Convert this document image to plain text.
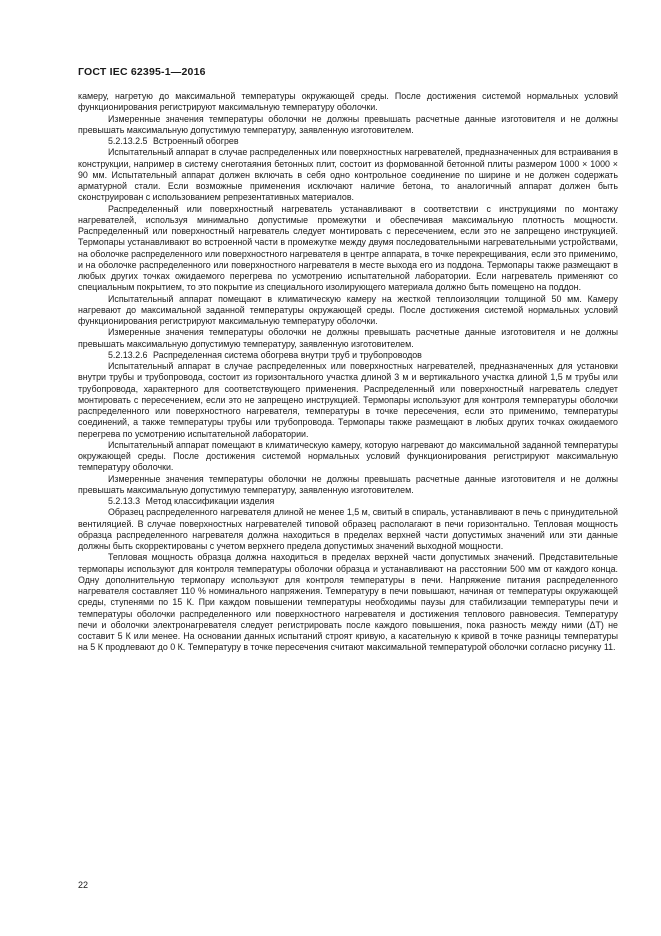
ГОСТ IEC 62395-1—2016
камеру, нагретую до максимальной температуры окружающей среды. После достижения системой нормальных условий функционирования регистрируют максимальную температуру оболочки.
Измеренные значения температуры оболочки не должны превышать расчетные данные изготовителя и не должны превышать максимальную допустимую температуру, заявленную изготовителем.
5.2.13.2.5 Встроенный обогрев
Испытательный аппарат в случае распределенных или поверхностных нагревателей, предназначенных для встраивания в конструкции, например в систему снеготаяния бетонных плит, состоит из формованной бетонной плиты размером 1000 × 1000 × 90 мм. Испытательный аппарат должен включать в себя одно контрольное соединение по ширине и не должен содержать арматурной стали. Если возможные применения исключают наличие бетона, то аналогичный аппарат должен быть сконструирован с использованием репрезентативных материалов.
Распределенный или поверхностный нагреватель устанавливают в соответствии с инструкциями по монтажу нагревателей, используя минимально допустимые промежутки и обеспечивая максимальную плотность мощности. Распределенный или поверхностный нагреватель следует монтировать с пересечением, если это не запрещено инструкцией. Термопары устанавливают во встроенной части в промежутке между двумя последовательными нагревательными устройствами, на оболочке распределенного или поверхностного нагревателя в центре аппарата, в точке перекрещивания, если это применимо, и на оболочке распределенного или поверхностного нагревателя в месте выхода его из поддона. Термопары также размещают в любых других точках ожидаемого перегрева по усмотрению испытательной лаборатории. Если нагреватель применяют со специальным покрытием, то это покрытие из специального изолирующего материала должно быть помещено на поддон.
Испытательный аппарат помещают в климатическую камеру на жесткой теплоизоляции толщиной 50 мм. Камеру нагревают до максимальной заданной температуры окружающей среды. После достижения системой нормальных условий функционирования регистрируют максимальную температуру оболочки.
Измеренные значения температуры оболочки не должны превышать расчетные данные изготовителя и не должны превышать максимальную допустимую температуру, заявленную изготовителем.
5.2.13.2.6 Распределенная система обогрева внутри труб и трубопроводов
Испытательный аппарат в случае распределенных или поверхностных нагревателей, предназначенных для установки внутри трубы и трубопровода, состоит из горизонтального участка длиной 3 м и вертикального участка длиной 1,5 м трубы или трубопровода, характерного для соответствующего применения. Распределенный или поверхностный нагреватель следует монтировать с пересечением, если это не запрещено инструкцией. Термопары используют для контроля температуры оболочки распределенного или поверхностного нагревателя, температуры в точке пересечения, если это применимо, температуры соединений, а также температуры трубы или трубопровода. Термопары также размещают в любых других точках ожидаемого перегрева по усмотрению испытательной лаборатории.
Испытательный аппарат помещают в климатическую камеру, которую нагревают до максимальной заданной температуры окружающей среды. После достижения системой нормальных условий функционирования регистрируют максимальную температуру оболочки.
Измеренные значения температуры оболочки не должны превышать расчетные данные изготовителя и не должны превышать максимальную допустимую температуру, заявленную изготовителем.
5.2.13.3 Метод классификации изделия
Образец распределенного нагревателя длиной не менее 1,5 м, свитый в спираль, устанавливают в печь с принудительной вентиляцией. В случае поверхностных нагревателей типовой образец располагают в печи горизонтально. Тепловая мощность образца распределенного нагревателя должна находиться в пределах верхней части допустимых значений или эти данные должны быть скорректированы с учетом верхнего предела допустимых значений выходной мощности.
Тепловая мощность образца должна находиться в пределах верхней части допустимых значений. Представительные термопары используют для контроля температуры оболочки образца и устанавливают на расстоянии 500 мм от каждого конца. Одну дополнительную термопару используют для контроля температуры в печи. Напряжение питания распределенного нагревателя составляет 110 % номинального напряжения. Температуру в печи повышают, начиная от температуры окружающей среды, ступенями по 15 К. При каждом повышении температуры необходимы паузы для стабилизации температуры печи и температуры оболочки распределенного или поверхностного нагревателя и достижения теплового равновесия. Температуру печи и оболочки электронагревателя следует регистрировать после каждого повышения, пока разность между ними (ΔT) не составит 5 К или менее. На основании данных испытаний строят кривую, а касательную к кривой в точке разницы температуры на 5 К продлевают до 0 К. Температуру в точке пересечения считают максимальной температурой оболочки согласно рисунку 11.
22
